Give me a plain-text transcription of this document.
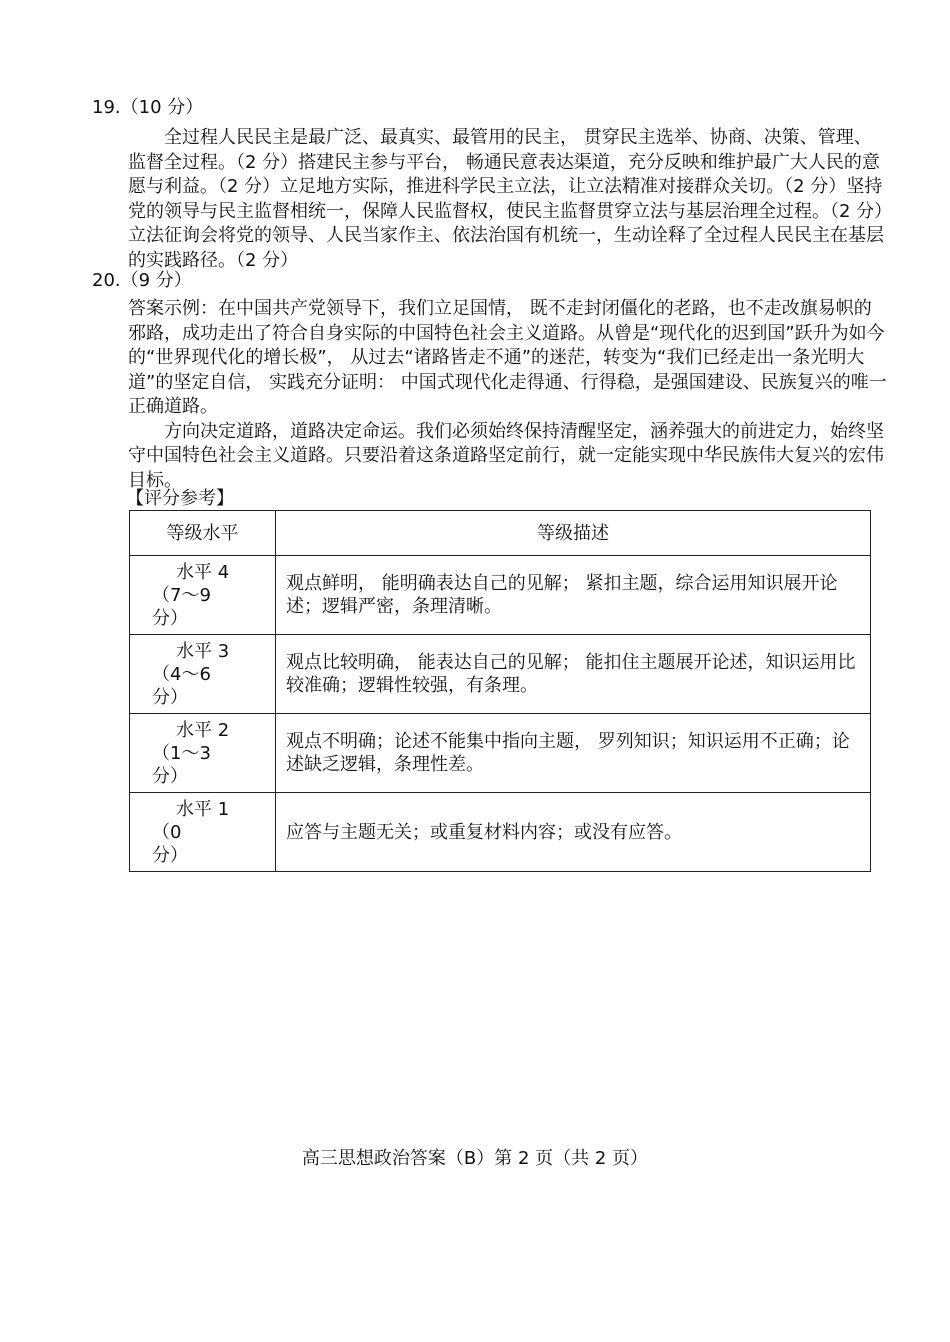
19.（10 分）

全过程人民民主是最广泛、最真实、最管用的民主， 贯穿民主选举、协商、决策、管理、监督全过程。（2 分）搭建民主参与平台， 畅通民意表达渠道，充分反映和维护最广大人民的意愿与利益。（2 分）立足地方实际，推进科学民主立法，让立法精准对接群众关切。（2 分）坚持党的领导与民主监督相统一，保障人民监督权，使民主监督贯穿立法与基层治理全过程。（2 分）立法征询会将党的领导、人民当家作主、依法治国有机统一，生动诠释了全过程人民民主在基层的实践路径。（2 分）

20.（9 分）

答案示例：在中国共产党领导下，我们立足国情， 既不走封闭僵化的老路，也不走改旗易帜的邪路，成功走出了符合自身实际的中国特色社会主义道路。从曾是“现代化的迟到国”跃升为如今的“世界现代化的增长极”， 从过去“诸路皆走不通”的迷茫，转变为“我们已经走出一条光明大道”的坚定自信， 实践充分证明： 中国式现代化走得通、行得稳，是强国建设、民族复兴的唯一正确道路。

方向决定道路，道路决定命运。我们必须始终保持清醒坚定，涵养强大的前进定力，始终坚守中国特色社会主义道路。只要沿着这条道路坚定前行，就一定能实现中华民族伟大复兴的宏伟目标。

【评分参考】
等级水平	等级描述

水平 4
（7～9 分）	观点鲜明， 能明确表达自己的见解； 紧扣主题，综合运用知识展开论述；逻辑严密，条理清晰。

水平 3
（4～6 分）	观点比较明确， 能表达自己的见解； 能扣住主题展开论述，知识运用比较准确；逻辑性较强，有条理。

水平 2
（1～3 分）	观点不明确；论述不能集中指向主题， 罗列知识；知识运用不正确；论述缺乏逻辑，条理性差。

水平 1
（0 分）	应答与主题无关；或重复材料内容；或没有应答。
高三思想政治答案（B）第 2 页（共 2 页）
